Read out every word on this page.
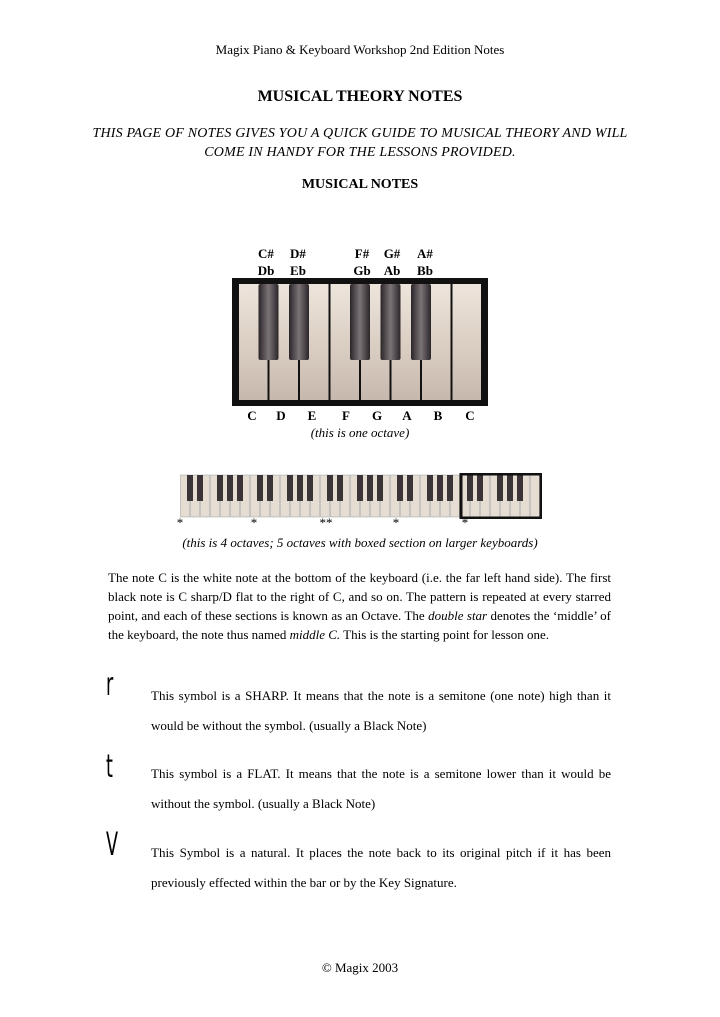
Magix Piano & Keyboard Workshop 2nd Edition Notes
MUSICAL THEORY NOTES
THIS PAGE OF NOTES GIVES YOU A QUICK GUIDE TO MUSICAL THEORY AND WILL COME IN HANDY FOR THE LESSONS PROVIDED.
MUSICAL NOTES
C#	D#	F#	G#	A#
Db	Eb	Gb	Ab	Bb
C	D	E	F	G	A	B	C
(this is one octave)
*	*	**	*	*
(this is 4 octaves; 5 octaves with boxed section on larger keyboards)
The note C is the white note at the bottom of the keyboard (i.e. the far left hand side). The first black note is C sharp/D flat to the right of C, and so on. The pattern is repeated at every starred point, and each of these sections is known as an Octave. The double star denotes the ‘middle’ of the keyboard, the note thus named middle C. This is the starting point for lesson one.
r	This symbol is a SHARP. It means that the note is a semitone (one note) high than it would be without the symbol. (usually a Black Note)
t	This symbol is a FLAT. It means that the note is a semitone lower than it would be without the symbol. (usually a Black Note)
V	This Symbol is a natural. It places the note back to its original pitch if it has been previously effected within the bar or by the Key Signature.
© Magix 2003
